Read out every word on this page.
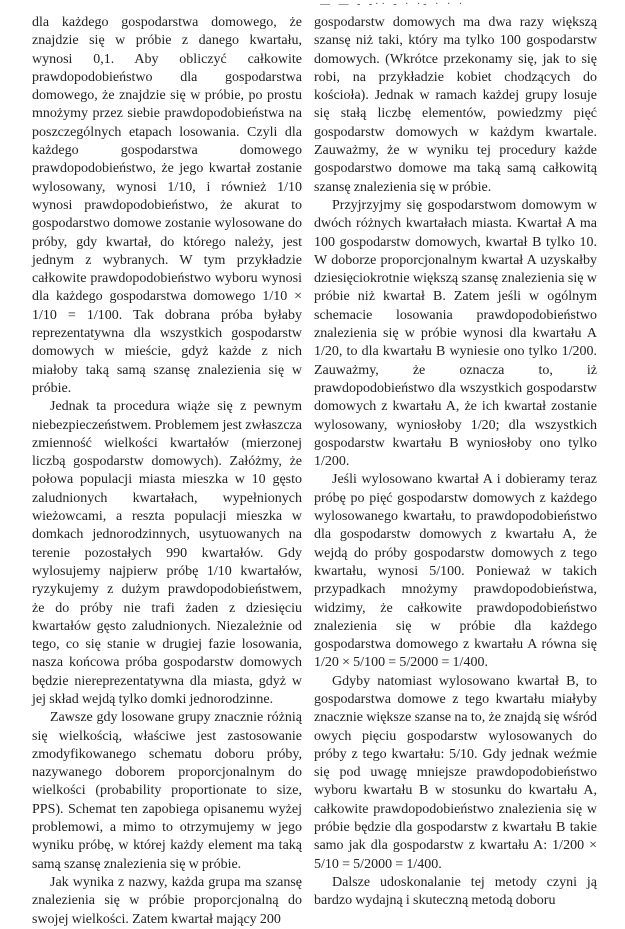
— — - -·· - · ·- · · ·

dla każdego gospodarstwa domowego, że znajdzie się w próbie z danego kwartału, wynosi 0,1. Aby obliczyć całkowite prawdopodobieństwo dla gospodarstwa domowego, że znajdzie się w próbie, po prostu mnożymy przez siebie prawdopodobieństwa na poszczególnych etapach losowania. Czyli dla każdego gospodarstwa domowego prawdopodobieństwo, że jego kwartał zostanie wylosowany, wynosi 1/10, i również 1/10 wynosi prawdopodobieństwo, że akurat to gospodarstwo domowe zostanie wylosowane do próby, gdy kwartał, do którego należy, jest jednym z wybranych. W tym przykładzie całkowite prawdopodobieństwo wyboru wynosi dla każdego gospodarstwa domowego 1/10 × 1/10 = 1/100. Tak dobrana próba byłaby reprezentatywna dla wszystkich gospodarstw domowych w mieście, gdyż każde z nich miałoby taką samą szansę znalezienia się w próbie.

Jednak ta procedura wiąże się z pewnym niebezpieczeństwem. Problemem jest zwłaszcza zmienność wielkości kwartałów (mierzonej liczbą gospodarstw domowych). Załóżmy, że połowa populacji miasta mieszka w 10 gęsto zaludnionych kwartałach, wypełnionych wieżowcami, a reszta populacji mieszka w domkach jednorodzinnych, usytuowanych na terenie pozostałych 990 kwartałów. Gdy wylosujemy najpierw próbę 1/10 kwartałów, ryzykujemy z dużym prawdopodobieństwem, że do próby nie trafi żaden z dziesięciu kwartałów gęsto zaludnionych. Niezależnie od tego, co się stanie w drugiej fazie losowania, nasza końcowa próba gospodarstw domowych będzie niereprezentatywna dla miasta, gdyż w jej skład wejdą tylko domki jednorodzinne.

Zawsze gdy losowane grupy znacznie różnią się wielkością, właściwe jest zastosowanie zmodyfikowanego schematu doboru próby, nazywanego doborem proporcjonalnym do wielkości (probability proportionate to size, PPS). Schemat ten zapobiega opisanemu wyżej problemowi, a mimo to otrzymujemy w jego wyniku próbę, w której każdy element ma taką samą szansę znalezienia się w próbie.

Jak wynika z nazwy, każda grupa ma szansę znalezienia się w próbie proporcjonalną do swojej wielkości. Zatem kwartał mający 200

gospodarstw domowych ma dwa razy większą szansę niż taki, który ma tylko 100 gospodarstw domowych. (Wkrótce przekonamy się, jak to się robi, na przykładzie kobiet chodzących do kościoła). Jednak w ramach każdej grupy losuje się stałą liczbę elementów, powiedzmy pięć gospodarstw domowych w każdym kwartale. Zauważmy, że w wyniku tej procedury każde gospodarstwo domowe ma taką samą całkowitą szansę znalezienia się w próbie.

Przyjrzyjmy się gospodarstwom domowym w dwóch różnych kwartałach miasta. Kwartał A ma 100 gospodarstw domowych, kwartał B tylko 10. W doborze proporcjonalnym kwartał A uzyskałby dziesięciokrotnie większą szansę znalezienia się w próbie niż kwartał B. Zatem jeśli w ogólnym schemacie losowania prawdopodobieństwo znalezienia się w próbie wynosi dla kwartału A 1/20, to dla kwartału B wyniesie ono tylko 1/200. Zauważmy, że oznacza to, iż prawdopodobieństwo dla wszystkich gospodarstw domowych z kwartału A, że ich kwartał zostanie wylosowany, wyniosłoby 1/20; dla wszystkich gospodarstw kwartału B wyniosłoby ono tylko 1/200.

Jeśli wylosowano kwartał A i dobieramy teraz próbę po pięć gospodarstw domowych z każdego wylosowanego kwartału, to prawdopodobieństwo dla gospodarstw domowych z kwartału A, że wejdą do próby gospodarstw domowych z tego kwartału, wynosi 5/100. Ponieważ w takich przypadkach mnożymy prawdopodobieństwa, widzimy, że całkowite prawdopodobieństwo znalezienia się w próbie dla każdego gospodarstwa domowego z kwartału A równa się 1/20 × 5/100 = 5/2000 = 1/400.

Gdyby natomiast wylosowano kwartał B, to gospodarstwa domowe z tego kwartału miałyby znacznie większe szanse na to, że znajdą się wśród owych pięciu gospodarstw wylosowanych do próby z tego kwartału: 5/10. Gdy jednak weźmie się pod uwagę mniejsze prawdopodobieństwo wyboru kwartału B w stosunku do kwartału A, całkowite prawdopodobieństwo znalezienia się w próbie będzie dla gospodarstw z kwartału B takie samo jak dla gospodarstw z kwartału A: 1/200 × 5/10 = 5/2000 = 1/400.

Dalsze udoskonalanie tej metody czyni ją bardzo wydajną i skuteczną metodą doboru
